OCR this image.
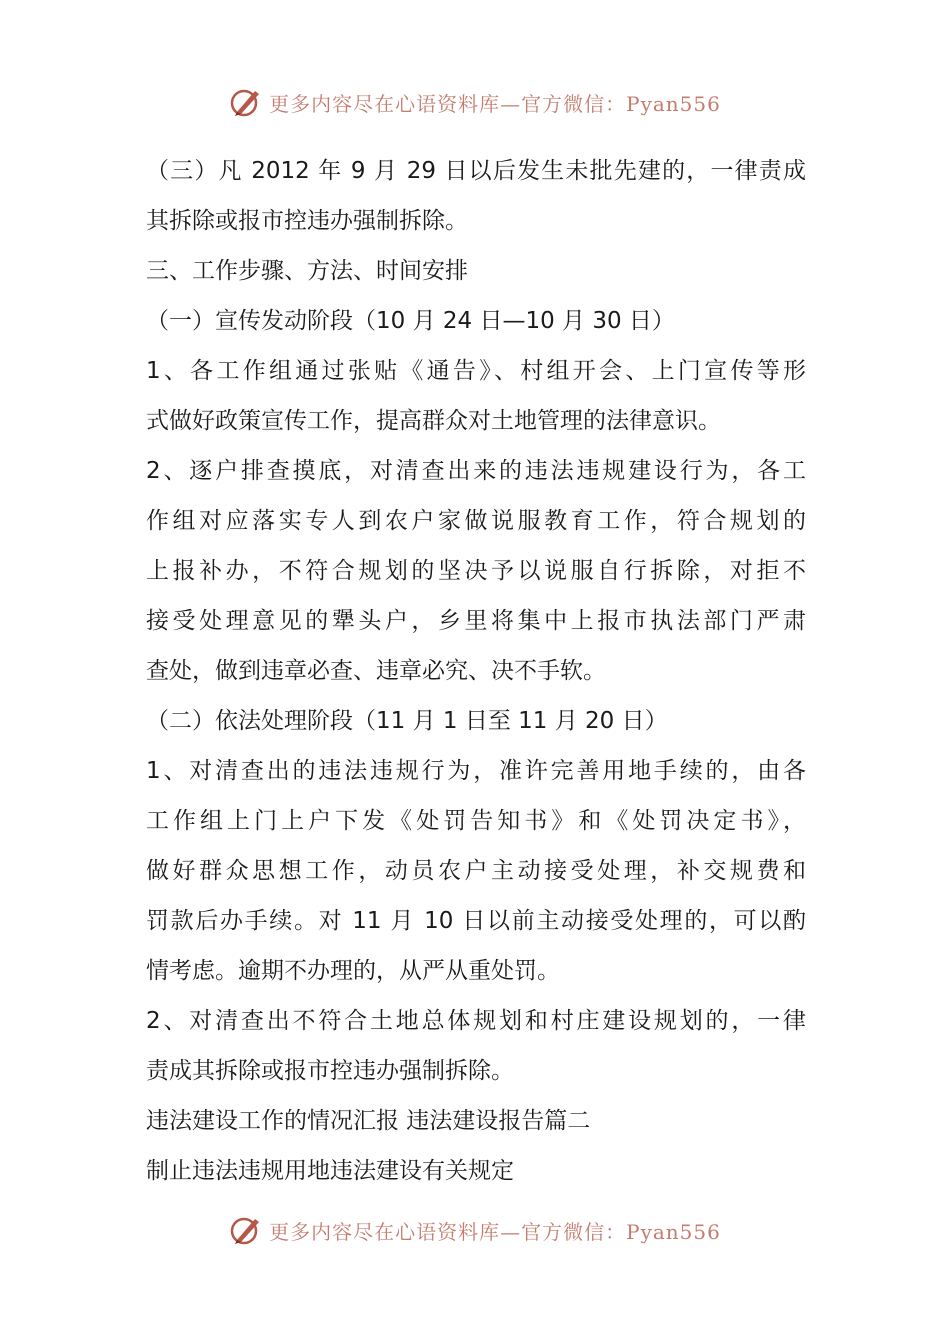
更多内容尽在心语资料库—官方微信：Pyan556
（三）凡 2012 年 9 月 29 日以后发生未批先建的，一律责成
其拆除或报市控违办强制拆除。
三、工作步骤、方法、时间安排
（一）宣传发动阶段（10 月 24 日—10 月 30 日）
1、各工作组通过张贴《通告》、村组开会、上门宣传等形
式做好政策宣传工作，提高群众对土地管理的法律意识。
2、逐户排查摸底，对清查出来的违法违规建设行为，各工
作组对应落实专人到农户家做说服教育工作，符合规划的
上报补办，不符合规划的坚决予以说服自行拆除，对拒不
接受处理意见的犟头户，乡里将集中上报市执法部门严肃
查处，做到违章必查、违章必究、决不手软。
（二）依法处理阶段（11 月 1 日至 11 月 20 日）
1、对清查出的违法违规行为，准许完善用地手续的，由各
工作组上门上户下发《处罚告知书》和《处罚决定书》，
做好群众思想工作，动员农户主动接受处理，补交规费和
罚款后办手续。对 11 月 10 日以前主动接受处理的，可以酌
情考虑。逾期不办理的，从严从重处罚。
2、对清查出不符合土地总体规划和村庄建设规划的，一律
责成其拆除或报市控违办强制拆除。
违法建设工作的情况汇报 违法建设报告篇二
制止违法违规用地违法建设有关规定
更多内容尽在心语资料库—官方微信：Pyan556
